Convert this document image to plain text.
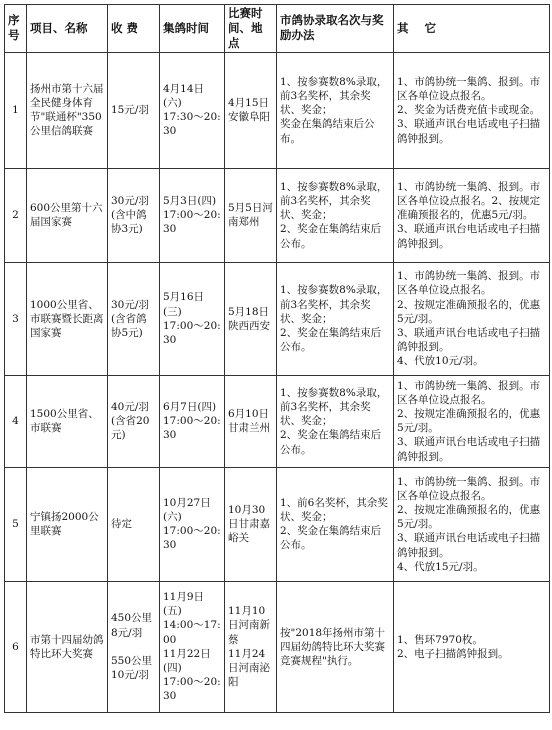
序号	项目、名称	收 费	集鸽时间	比赛时间、地点	市鸽协录取名次与奖励办法	其 它
1	扬州市第十六届全民健身体育节"联通杯"350公里信鸽联赛	15元/羽	4月14日(六)
17:30～20:30	4月15日安徽阜阳	1、按参赛数8%录取，前3名奖杯，其余奖状、奖金；
奖金在集鸽结束后公布。	1、市鸽协统一集鸽、报到。市区各单位设点报名。
2、奖金为话费充值卡或现金。
3、联通声讯台电话或电子扫描鸽钟报到。

2	600公里第十六届国家赛	30元/羽(含中鸽协3元)	5月3日(四)
17:00～20:30	5月5日河南郑州	1、按参赛数8%录取，前3名奖杯，其余奖状、奖金；
2、奖金在集鸽结束后公布。	1、市鸽协统一集鸽、报到。市区各单位设点报名。2、按规定准确预报名的，优惠5元/羽。
3、联通声讯台电话或电子扫描鸽钟报到。

3	1000公里省、市联赛暨长距离国家赛	30元/羽(含省鸽协5元)	5月16日(三)
17:00～20:30	5月18日陕西西安	1、按参赛数8%录取，前3名奖杯，其余奖状、奖金；
2、奖金在集鸽结束后公布。	1、市鸽协统一集鸽、报到。市区各单位设点报名。
2、按规定准确预报名的，优惠5元/羽。
3、联通声讯台电话或电子扫描鸽钟报到。
4、代放10元/羽。

4	1500公里省、市联赛	40元/羽(含省20元)	6月7日(四)
17:00～20:30	6月10日甘肃兰州	1、按参赛数8%录取，前3名奖杯，其余奖状、奖金；
2、奖金在集鸽结束后公布。	1、市鸽协统一集鸽、报到。市区各单位设点报名。
2、按规定准确预报名的，优惠5元/羽。
3、联通声讯台电话或电子扫描鸽钟报到。

5	宁镇扬2000公里联赛	待定	10月27日(六)
17:00～20:30	10月30日甘肃嘉峪关	1、前6名奖杯，其余奖状、奖金；
2、奖金在集鸽结束后公布。	1、市鸽协统一集鸽、报到。市区各单位设点报名。
2、按规定准确预报名的，优惠5元/羽。
3、联通声讯台电话或电子扫描鸽钟报到。
4、代放15元/羽。

6	市第十四届幼鸽特比环大奖赛	450公里8元/羽
550公里10元/羽	11月9日(五)
14:00～17:00
11月22日(四)
17:00～20:30	11月10日河南新蔡
11月24日河南泌阳	按"2018年扬州市第十四届幼鸽特比环大奖赛竞赛规程"执行。	1、售环7970枚。
2、电子扫描鸽钟报到。
